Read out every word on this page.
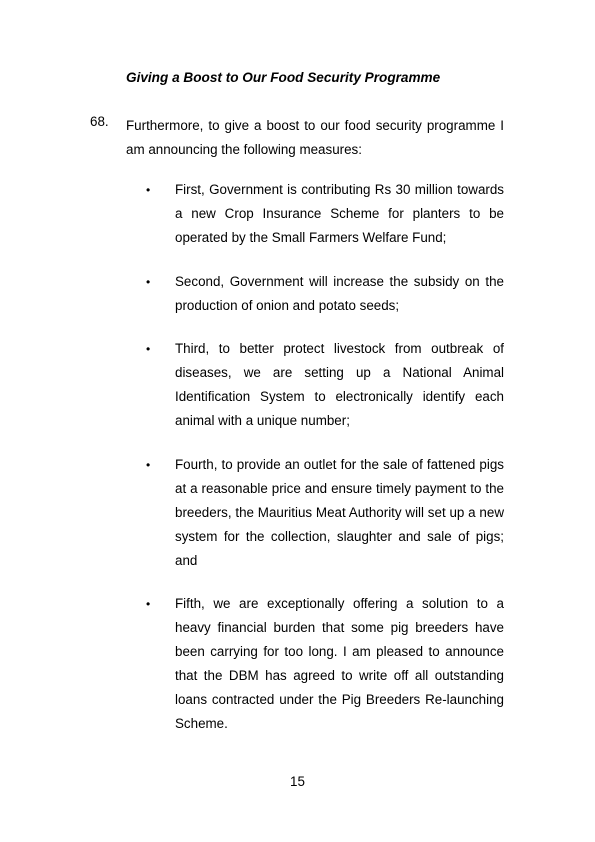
Giving a Boost to Our Food Security Programme
68. Furthermore, to give a boost to our food security programme I am announcing the following measures:
• First, Government is contributing Rs 30 million towards a new Crop Insurance Scheme for planters to be operated by the Small Farmers Welfare Fund;
• Second, Government will increase the subsidy on the production of onion and potato seeds;
• Third, to better protect livestock from outbreak of diseases, we are setting up a National Animal Identification System to electronically identify each animal with a unique number;
• Fourth, to provide an outlet for the sale of fattened pigs at a reasonable price and ensure timely payment to the breeders, the Mauritius Meat Authority will set up a new system for the collection, slaughter and sale of pigs; and
• Fifth, we are exceptionally offering a solution to a heavy financial burden that some pig breeders have been carrying for too long. I am pleased to announce that the DBM has agreed to write off all outstanding loans contracted under the Pig Breeders Re-launching Scheme.
15
